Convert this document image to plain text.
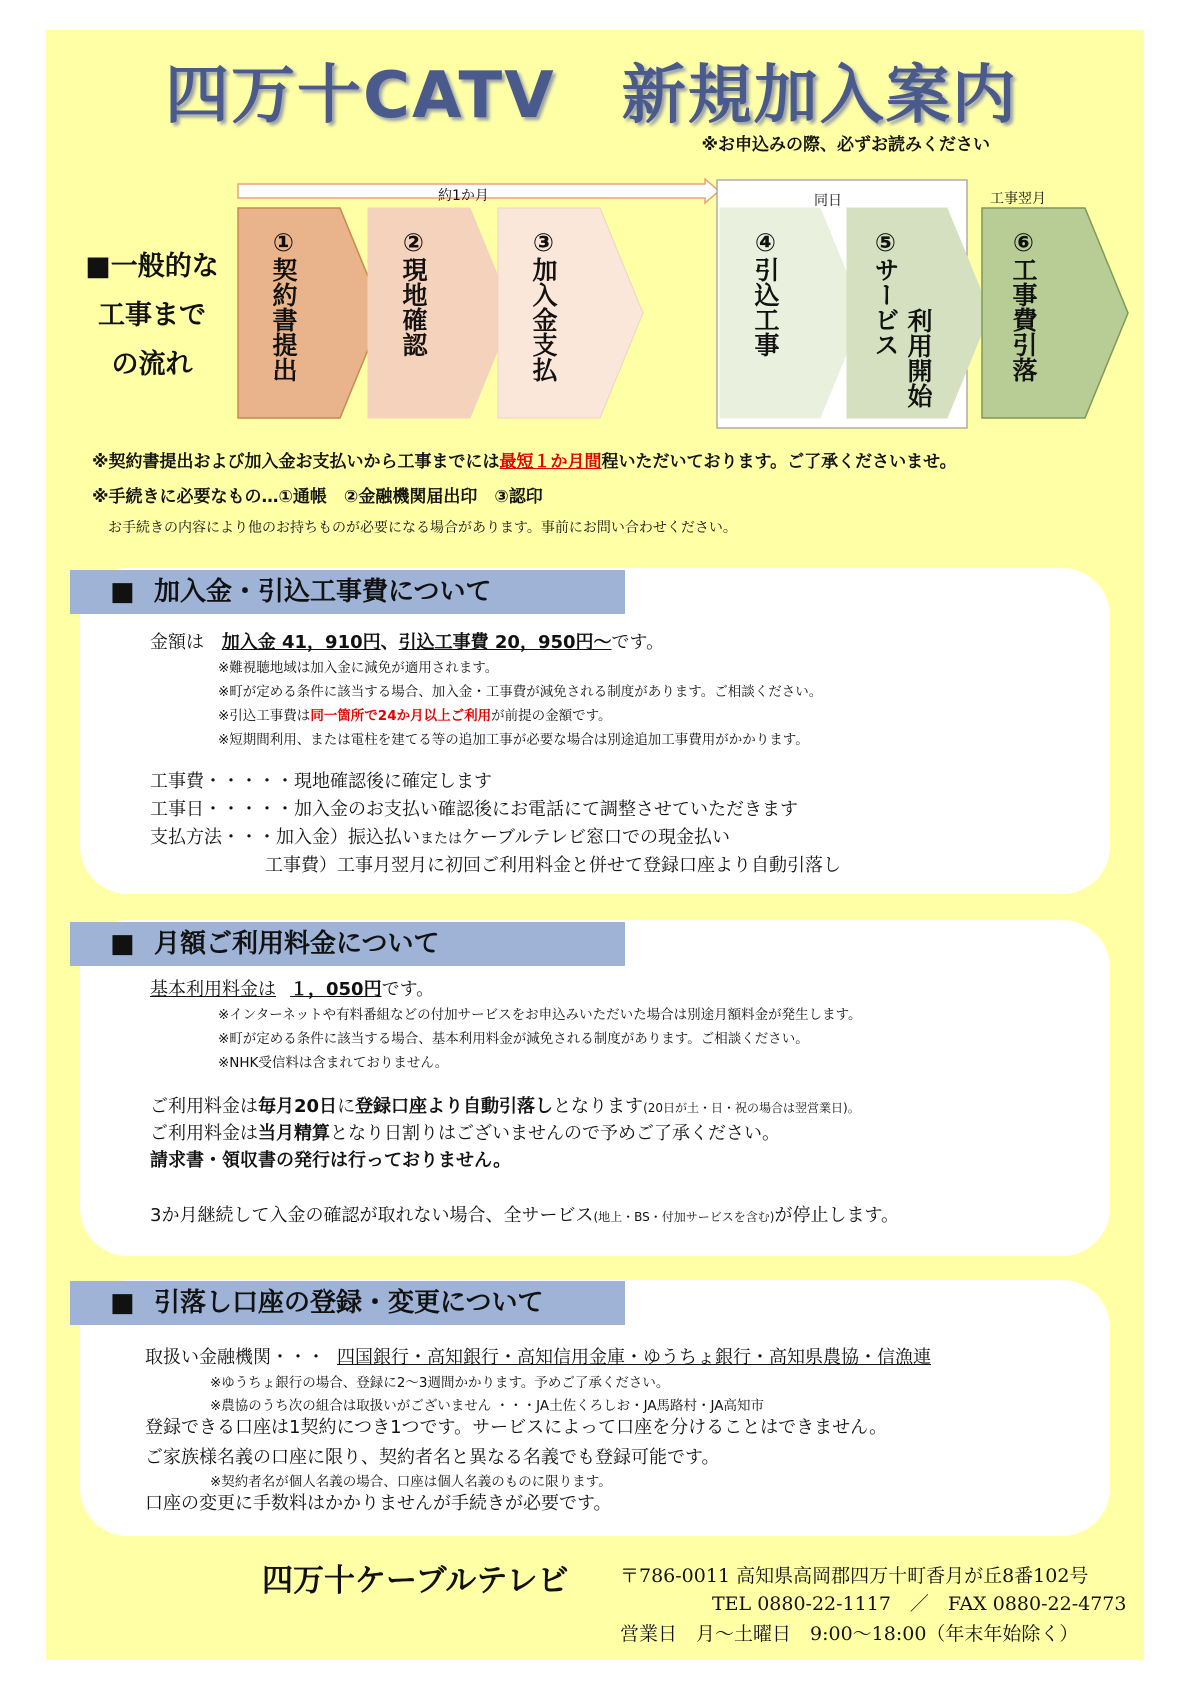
四万十CATV　新規加入案内
※お申込みの際、必ずお読みください
■一般的な
工事まで
の流れ
約1か月	同日	工事翌月
①契約書提出
②現地確認
③加入金支払
④引込工事
⑤サービス
利用開始
⑥工事費引落
※契約書提出および加入金お支払いから工事までには最短１か月間程いただいております。ご了承くださいませ。
※手続きに必要なもの…①通帳　②金融機関届出印　③認印
お手続きの内容により他のお持ちものが必要になる場合があります。事前にお問い合わせください。
■ 加入金・引込工事費について
金額は 加入金 41，910円、引込工事費 20，950円～です。
※難視聴地域は加入金に減免が適用されます。
※町が定める条件に該当する場合、加入金・工事費が減免される制度があります。ご相談ください。
※引込工事費は同一箇所で24か月以上ご利用が前提の金額です。
※短期間利用、または電柱を建てる等の追加工事が必要な場合は別途追加工事費用がかかります。
工事費・・・・・現地確認後に確定します
工事日・・・・・加入金のお支払い確認後にお電話にて調整させていただきます
支払方法・・・加入金）振込払いまたはケーブルテレビ窓口での現金払い
工事費）工事月翌月に初回ご利用料金と併せて登録口座より自動引落し
■ 月額ご利用料金について
基本利用料金は １，050円です。
※インターネットや有料番組などの付加サービスをお申込みいただいた場合は別途月額料金が発生します。
※町が定める条件に該当する場合、基本利用料金が減免される制度があります。ご相談ください。
※NHK受信料は含まれておりません。
ご利用料金は毎月20日に登録口座より自動引落しとなります(20日が土・日・祝の場合は翌営業日)。
ご利用料金は当月精算となり日割りはございませんので予めご了承ください。
請求書・領収書の発行は行っておりません。
3か月継続して入金の確認が取れない場合、全サービス(地上・BS・付加サービスを含む)が停止します。
■ 引落し口座の登録・変更について
取扱い金融機関・・・ 四国銀行・高知銀行・高知信用金庫・ゆうちょ銀行・高知県農協・信漁連
※ゆうちょ銀行の場合、登録に2～3週間かかります。予めご了承ください。
※農協のうち次の組合は取扱いがございません ・・・JA土佐くろしお・JA馬路村・JA高知市
登録できる口座は1契約につき1つです。サービスによって口座を分けることはできません。
ご家族様名義の口座に限り、契約者名と異なる名義でも登録可能です。
※契約者名が個人名義の場合、口座は個人名義のものに限ります。
口座の変更に手数料はかかりませんが手続きが必要です。
四万十ケーブルテレビ	〒786-0011 高知県高岡郡四万十町香月が丘8番102号
TEL 0880-22-1117　／　FAX 0880-22-4773
営業日　月～土曜日　9:00～18:00（年末年始除く）
